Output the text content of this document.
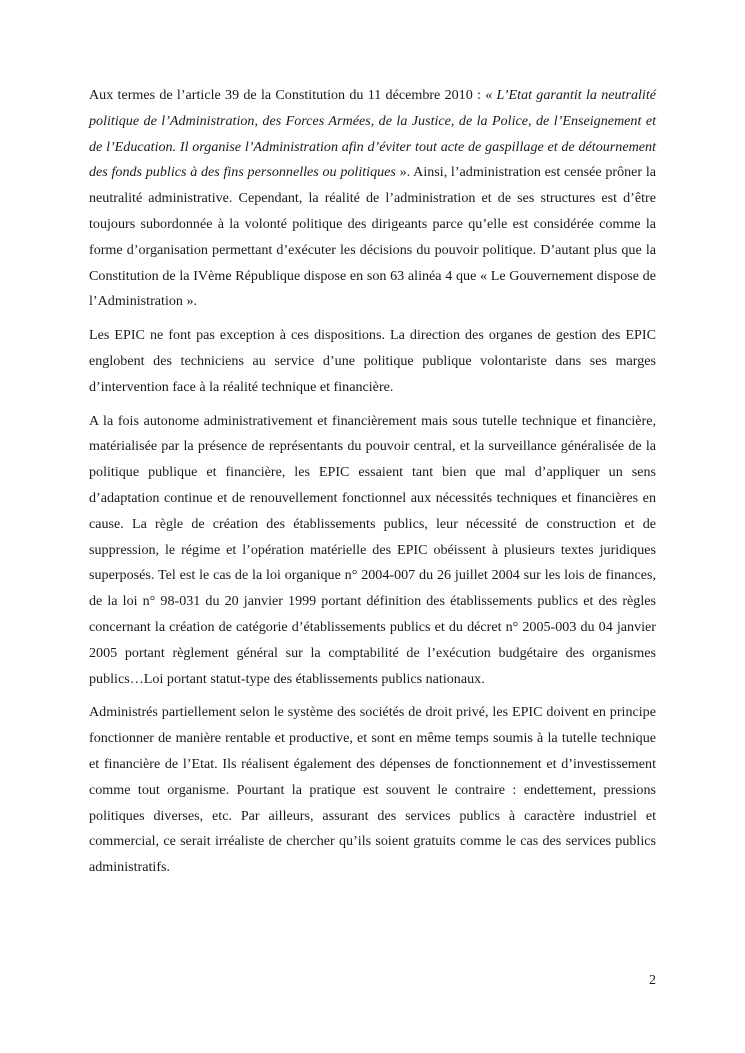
Aux termes de l’article 39 de la Constitution du 11 décembre 2010 : « L’Etat garantit la neutralité politique de l’Administration, des Forces Armées, de la Justice, de la Police, de l’Enseignement et de l’Education. Il organise l’Administration afin d’éviter tout acte de gaspillage et de détournement des fonds publics à des fins personnelles ou politiques ». Ainsi, l’administration est censée prôner la neutralité administrative. Cependant, la réalité de l’administration et de ses structures est d’être toujours subordonnée à la volonté politique des dirigeants parce qu’elle est considérée comme la forme d’organisation permettant d’exécuter les décisions du pouvoir politique. D’autant plus que la Constitution de la IVème République dispose en son 63 alinéa 4 que « Le Gouvernement dispose de l’Administration ».

Les EPIC ne font pas exception à ces dispositions. La direction des organes de gestion des EPIC englobent des techniciens au service d’une politique publique volontariste dans ses marges d’intervention face à la réalité technique et financière.

A la fois autonome administrativement et financièrement mais sous tutelle technique et financière, matérialisée par la présence de représentants du pouvoir central, et la surveillance généralisée de la politique publique et financière, les EPIC essaient tant bien que mal d’appliquer un sens d’adaptation continue et de renouvellement fonctionnel aux nécessités techniques et financières en cause. La règle de création des établissements publics, leur nécessité de construction et de suppression, le régime et l’opération matérielle des EPIC obéissent à plusieurs textes juridiques superposés. Tel est le cas de la loi organique n° 2004-007 du 26 juillet 2004 sur les lois de finances, de la loi n° 98-031 du 20 janvier 1999 portant définition des établissements publics et des règles concernant la création de catégorie d’établissements publics et du décret n° 2005-003 du 04 janvier 2005 portant règlement général sur la comptabilité de l’exécution budgétaire des organismes publics…Loi portant statut-type des établissements publics nationaux.

Administrés partiellement selon le système des sociétés de droit privé, les EPIC doivent en principe fonctionner de manière rentable et productive, et sont en même temps soumis à la tutelle technique et financière de l’Etat. Ils réalisent également des dépenses de fonctionnement et d’investissement comme tout organisme. Pourtant la pratique est souvent le contraire : endettement, pressions politiques diverses, etc. Par ailleurs, assurant des services publics à caractère industriel et commercial, ce serait irréaliste de chercher qu’ils soient gratuits comme le cas des services publics administratifs.

2
